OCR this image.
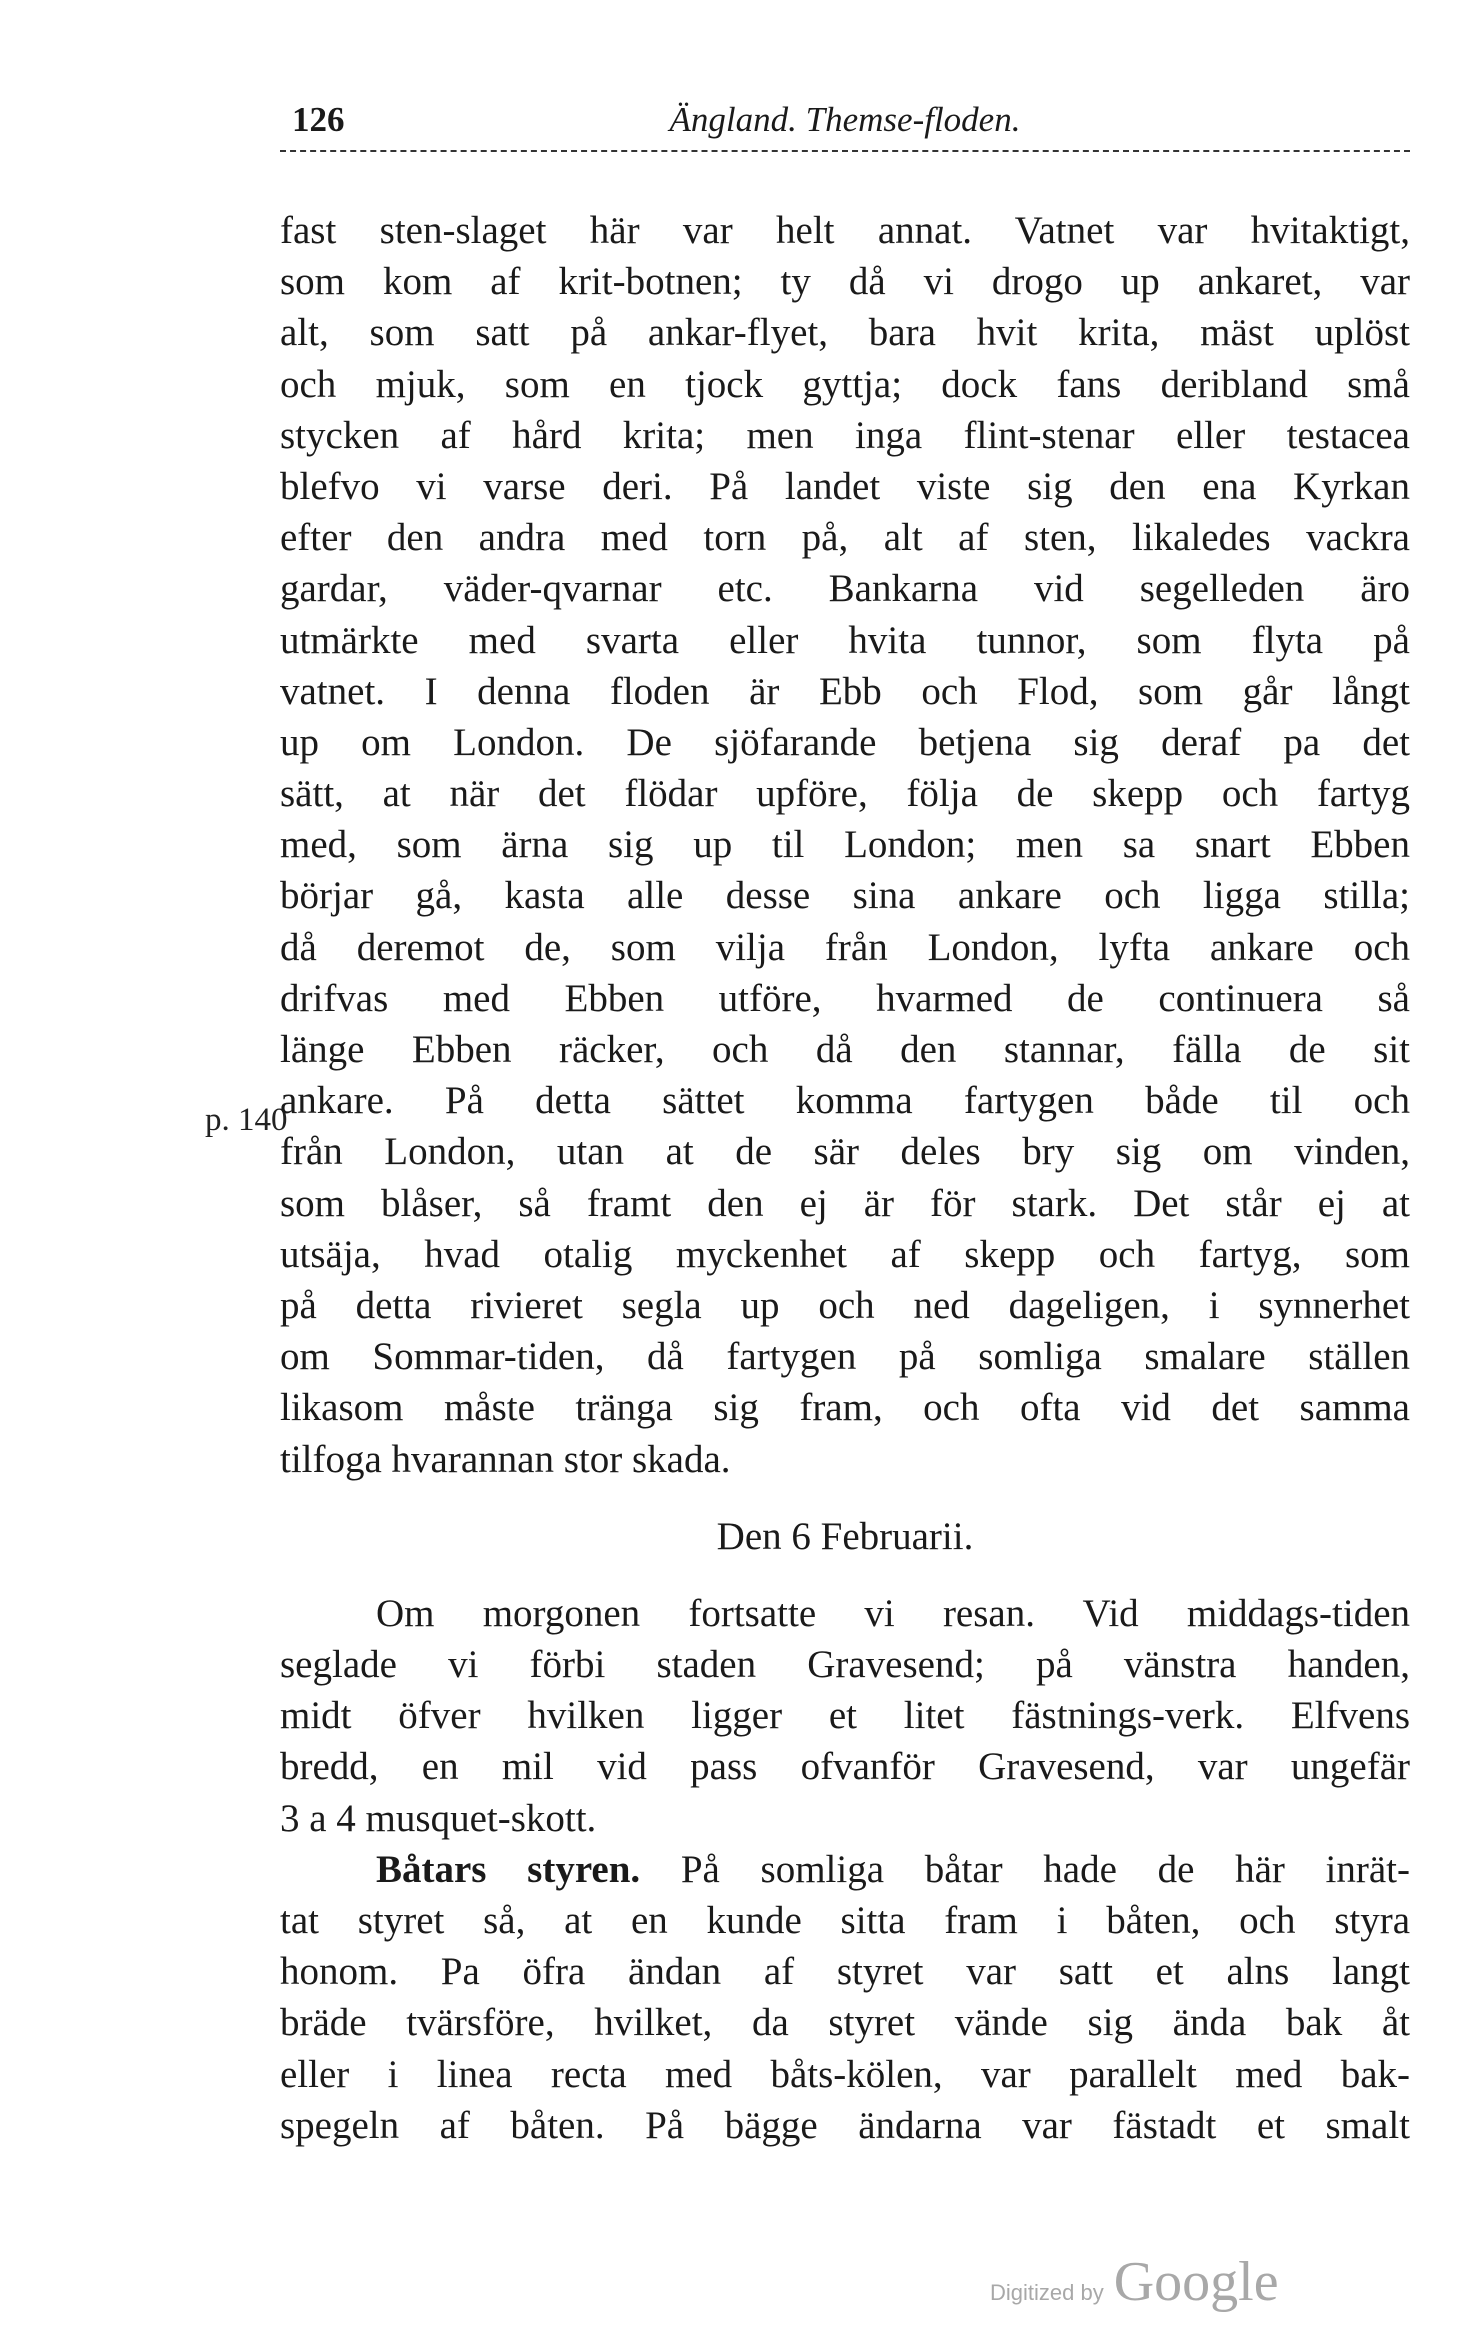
126	Ängland. Themse-floden.
p. 140
fast sten-slaget här var helt annat. Vatnet var hvitaktigt,
som kom af krit-botnen; ty då vi drogo up ankaret, var
alt, som satt på ankar-flyet, bara hvit krita, mäst uplöst
och mjuk, som en tjock gyttja; dock fans deribland små
stycken af hård krita; men inga flint-stenar eller testacea
blefvo vi varse deri. På landet viste sig den ena Kyrkan
efter den andra med torn på, alt af sten, likaledes vackra
gardar, väder-qvarnar etc. Bankarna vid segelleden äro
utmärkte med svarta eller hvita tunnor, som flyta på
vatnet. I denna floden är Ebb och Flod, som går långt
up om London. De sjöfarande betjena sig deraf pa det
sätt, at när det flödar upföre, följa de skepp och fartyg
med, som ärna sig up til London; men sa snart Ebben
börjar gå, kasta alle desse sina ankare och ligga stilla;
då deremot de, som vilja från London, lyfta ankare och
drifvas med Ebben utföre, hvarmed de continuera så
länge Ebben räcker, och då den stannar, fälla de sit
ankare. På detta sättet komma fartygen både til och
från London, utan at de sär deles bry sig om vinden,
som blåser, så framt den ej är för stark. Det står ej at
utsäja, hvad otalig myckenhet af skepp och fartyg, som
på detta rivieret segla up och ned dageligen, i synnerhet
om Sommar-tiden, då fartygen på somliga smalare ställen
likasom måste tränga sig fram, och ofta vid det samma
tilfoga hvarannan stor skada.
Den 6 Februarii.
Om morgonen fortsatte vi resan. Vid middags-tiden
seglade vi förbi staden Gravesend; på vänstra handen,
midt öfver hvilken ligger et litet fästnings-verk. Elfvens
bredd, en mil vid pass ofvanför Gravesend, var ungefär
3 a 4 musquet-skott.
Båtars styren. På somliga båtar hade de här inrät-
tat styret så, at en kunde sitta fram i båten, och styra
honom. Pa öfra ändan af styret var satt et alns langt
bräde tvärsföre, hvilket, da styret vände sig ända bak åt
eller i linea recta med båts-kölen, var parallelt med bak-
spegeln af båten. På bägge ändarna var fästadt et smalt
Digitized by Google
